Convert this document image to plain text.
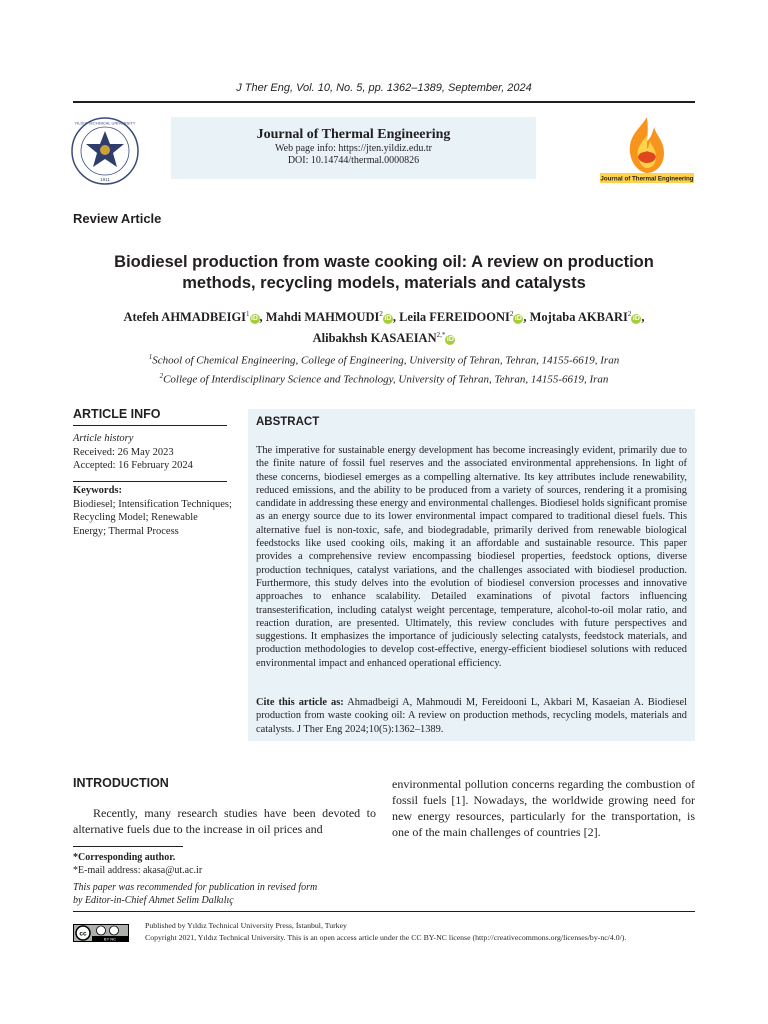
J Ther Eng, Vol. 10, No. 5, pp. 1362–1389, September, 2024
YILDIZ TECHNICAL UNIVERSITY
1911
Journal of Thermal Engineering
Web page info: https://jten.yildiz.edu.tr
DOI: 10.14744/thermal.0000826
Journal of Thermal Engineering
Review Article
Biodiesel production from waste cooking oil: A review on production
methods, recycling models, materials and catalysts
Atefeh AHMADBEIGI$^1$iD , Mahdi MAHMOUDI$^2$iD , Leila FEREIDOONI$^2$iD , Mojtaba AKBARI$^2$iD ,
Alibakhsh $KASAEIAN^{2,*}iD$
$^1$School of Chemical Engineering, College of Engineering, University of Tehran, Tehran, 14155-6619, Iran
$^2$College of Interdisciplinary Science and Technology, University of Tehran, Tehran, 14155-6619, Iran
ARTICLE INFO
Article history
Received: 26 May 2023
Accepted: 16 February 2024
Keywords:
Biodiesel; Intensification Techniques; Recycling Model; Renewable Energy; Thermal Process
ABSTRACT
The imperative for sustainable energy development has become increasingly evident, primarily due to the finite nature of fossil fuel reserves and the associated environmental apprehensions. In light of these concerns, biodiesel emerges as a compelling alternative. Its key attributes include renewability, reduced emissions, and the ability to be produced from a variety of sources, rendering it a promising candidate in addressing these energy and environmental challenges. Biodiesel holds significant promise as an energy source due to its lower environmental impact compared to traditional diesel fuels. This alternative fuel is non-toxic, safe, and biodegradable, primarily derived from renewable biological feedstocks like used cooking oils, making it an affordable and sustainable resource. This paper provides a comprehensive review encompassing biodiesel properties, feedstock options, diverse production techniques, catalyst variations, and the challenges associated with biodiesel production. Furthermore, this study delves into the evolution of biodiesel conversion processes and innovative approaches to enhance scalability. Detailed examinations of pivotal factors influencing transesterification, including catalyst weight percentage, temperature, alcohol-to-oil molar ratio, and reaction duration, are presented. Ultimately, this review concludes with future perspectives and suggestions. It emphasizes the importance of judiciously selecting catalysts, feedstock materials, and production methodologies to develop cost-effective, energy-efficient biodiesel solutions with reduced environmental impact and enhanced operational efficiency.
Cite this article as: Ahmadbeigi A, Mahmoudi M, Fereidooni L, Akbari M, Kasaeian A. Biodiesel production from waste cooking oil: A review on production methods, recycling models, materials and catalysts. J Ther Eng 2024;10(5):1362–1389.
INTRODUCTION
Recently, many research studies have been devoted to alternative fuels due to the increase in oil prices and
environmental pollution concerns regarding the combustion of fossil fuels [1]. Nowadays, the worldwide growing need for new energy resources, particularly for the transportation, is one of the main challenges of countries [2].
*Corresponding author.
*E-mail address: akasa@ut.ac.ir
This paper was recommended for publication in revised form
by Editor-in-Chief Ahmet Selim Dalkılıç
cc
BY NC
Published by Yıldız Technical University Press, İstanbul, Turkey
Copyright 2021, Yıldız Technical University. This is an open access article under the CC BY-NC license (http://creativecommons.org/licenses/by-nc/4.0/).
